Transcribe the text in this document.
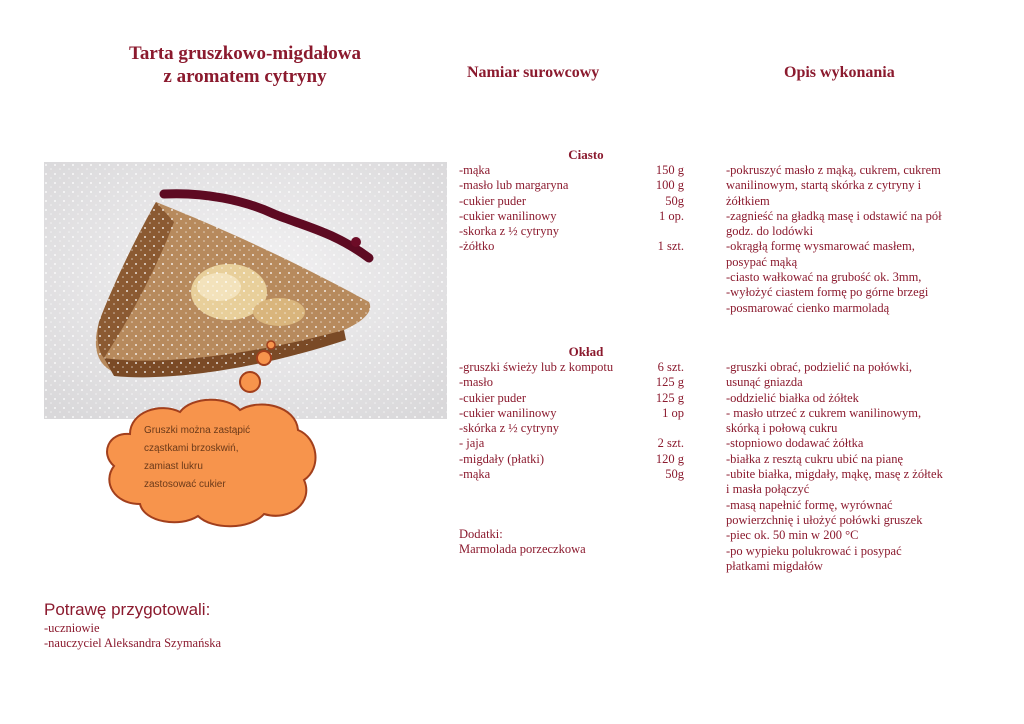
Tarta gruszkowo-migdałowa
z aromatem cytryny	Namiar surowcowy	Opis wykonania
Gruszki można zastąpić
cząstkami brzoskwiń,
zamiast lukru
zastosować cukier
Ciasto
-mąka	150 g
-masło lub margaryna	100 g
-cukier puder	50g
-cukier wanilinowy	1 op.
-skorka z ½ cytryny
-żółtko	1 szt.
-pokruszyć masło z mąką, cukrem, cukrem
wanilinowym, startą skórka z cytryny i
żółtkiem
-zagnieść na gładką masę i odstawić na pół
godz. do lodówki
-okrągłą formę wysmarować masłem,
posypać mąką
-ciasto wałkować na grubość ok. 3mm,
-wyłożyć ciastem formę po górne brzegi
-posmarować cienko marmoladą
Okład
-gruszki świeży lub z kompotu	6 szt.
-masło	125 g
-cukier puder	125 g
-cukier wanilinowy	1 op
-skórka z ½ cytryny
- jaja	2 szt.
-migdały (płatki)	120 g
-mąka	50g
-gruszki obrać, podzielić na połówki,
usunąć gniazda
-oddzielić białka od żółtek
- masło utrzeć z cukrem wanilinowym,
skórką i połową cukru
-stopniowo dodawać żółtka
-białka z resztą cukru ubić na pianę
-ubite białka, migdały, mąkę, masę z żółtek
i masła połączyć
-masą napełnić formę, wyrównać
powierzchnię i ułożyć połówki gruszek
-piec ok. 50 min w 200 °C
-po wypieku polukrować i posypać
płatkami migdałów
Dodatki:
Marmolada porzeczkowa
Potrawę przygotowali:
-uczniowie
-nauczyciel Aleksandra Szymańska
